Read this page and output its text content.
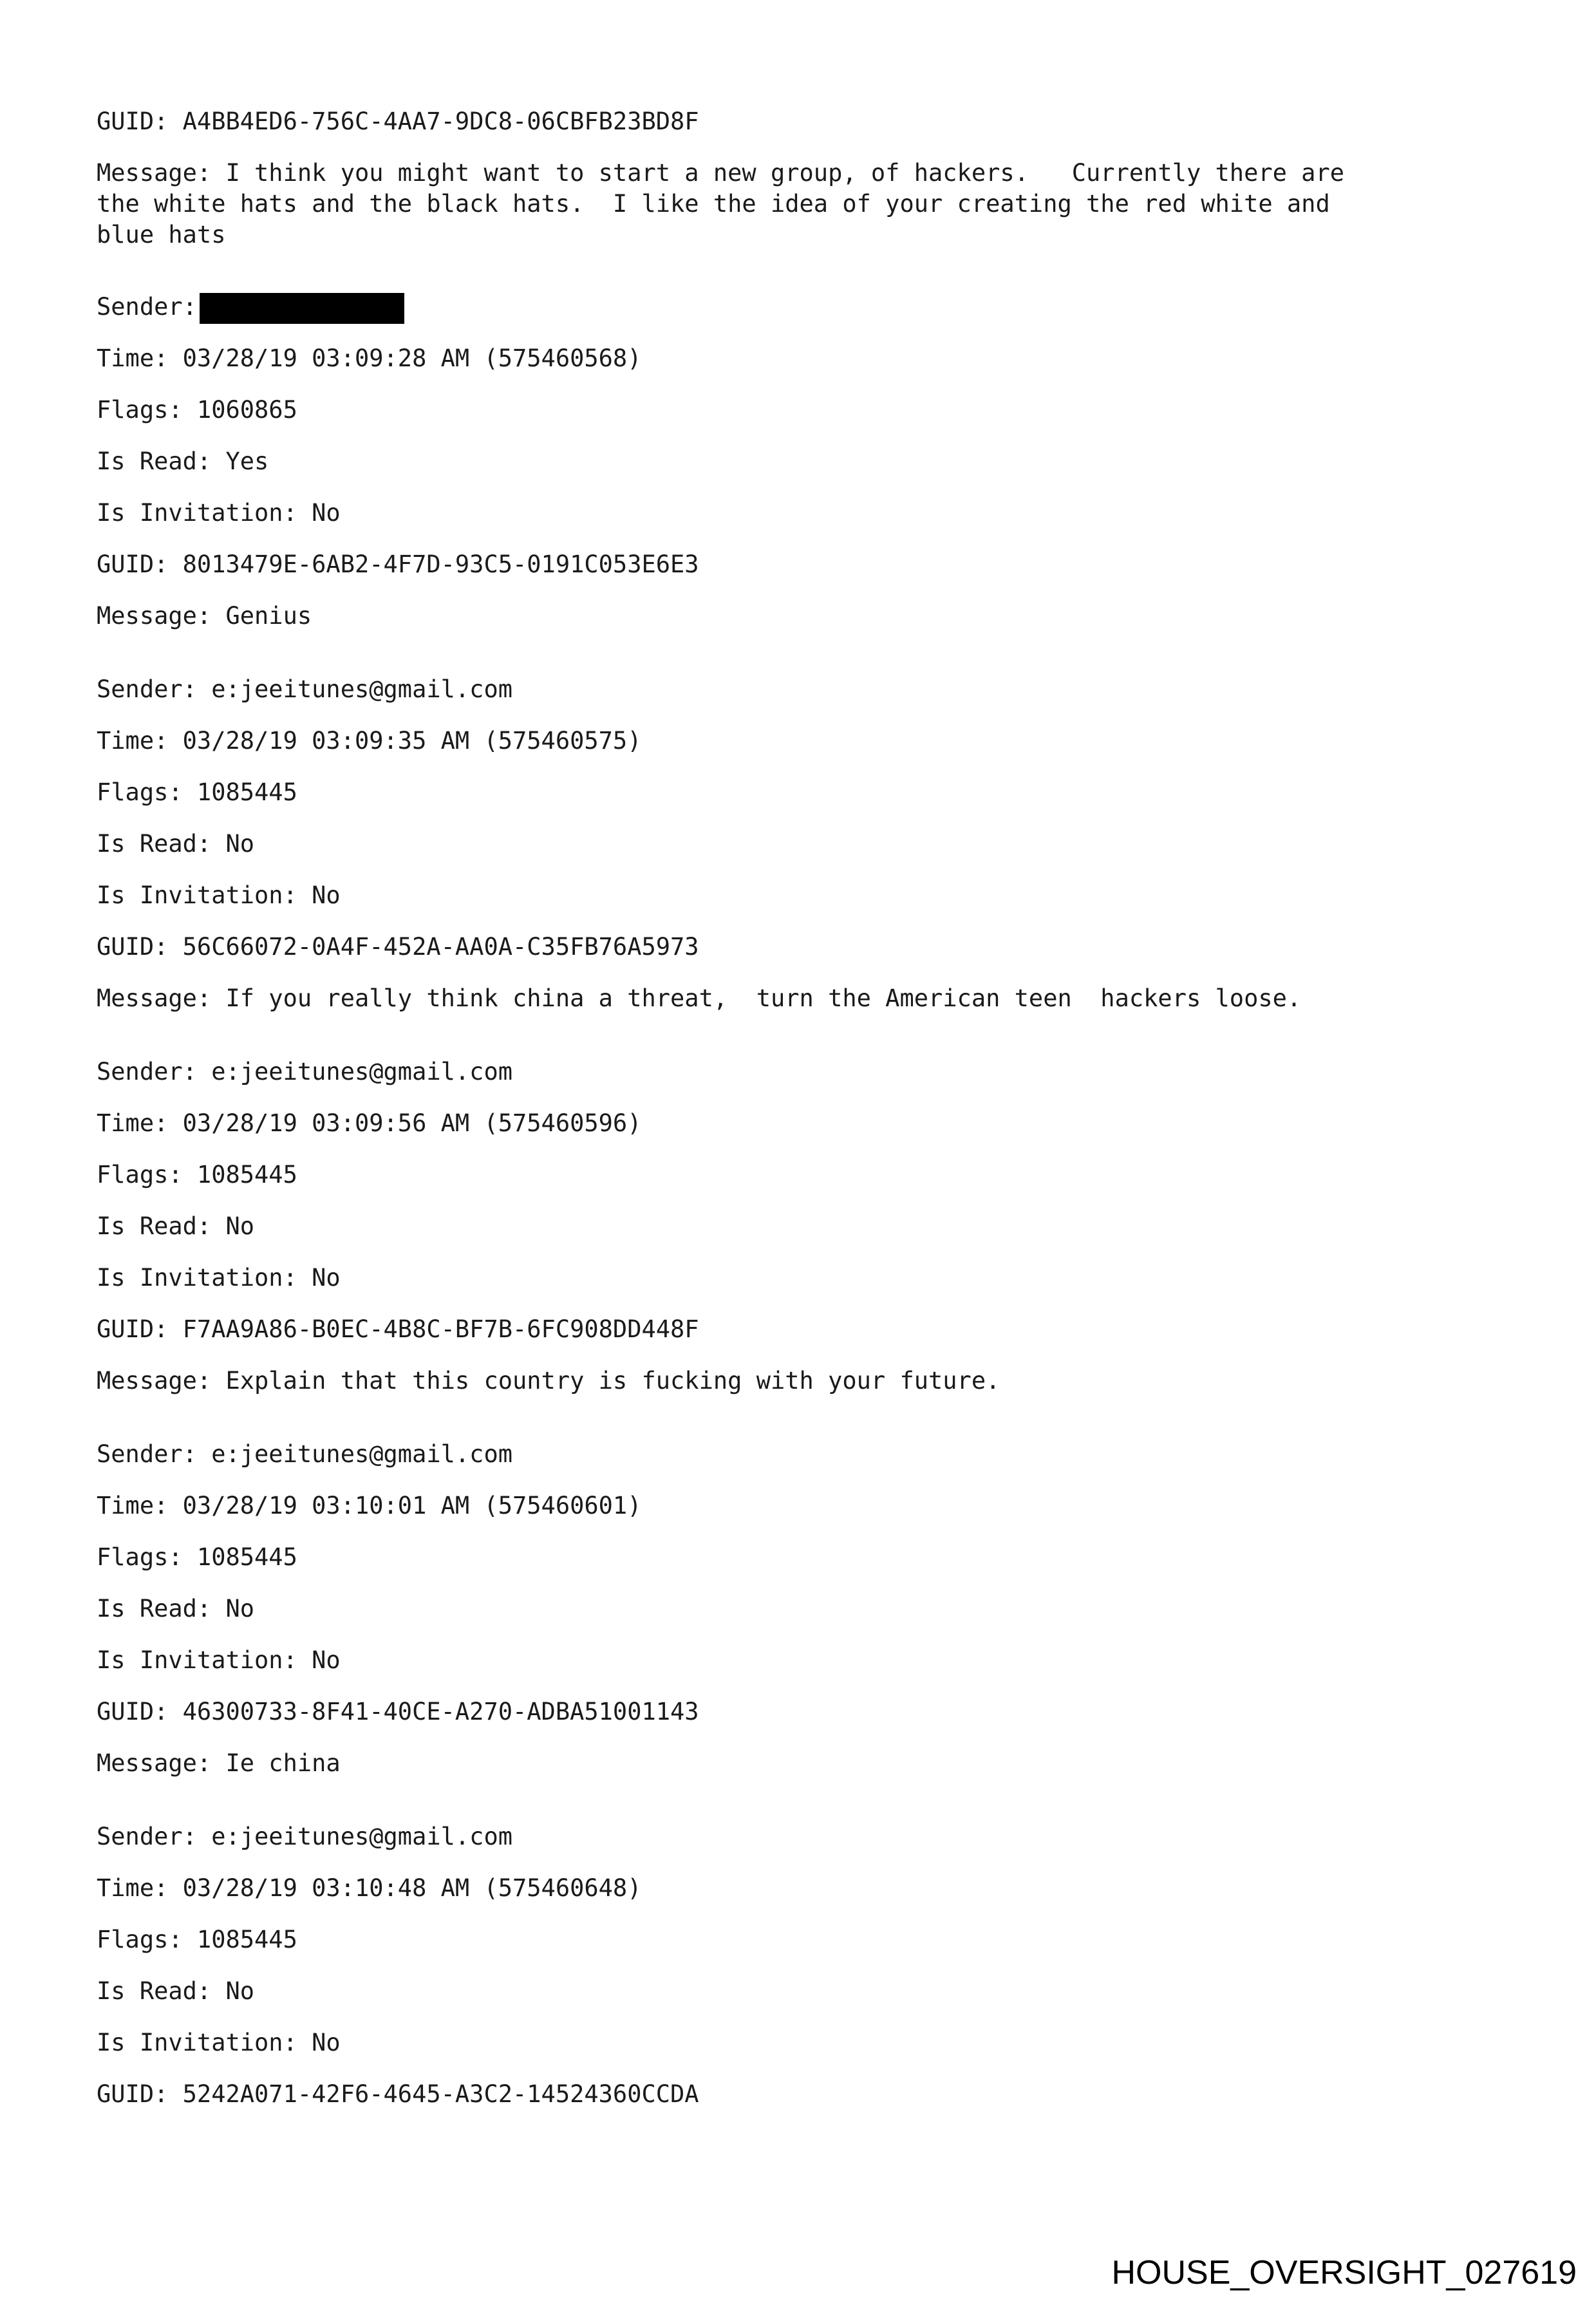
GUID: A4BB4ED6-756C-4AA7-9DC8-06CBFB23BD8F

Message: I think you might want to start a new group, of hackers.   Currently there are

the white hats and the black hats.  I like the idea of your creating the red white and

blue hats

Sender:

Time: 03/28/19 03:09:28 AM (575460568)

Flags: 1060865

Is Read: Yes

Is Invitation: No

GUID: 8013479E-6AB2-4F7D-93C5-0191C053E6E3

Message: Genius

Sender: e:jeeitunes@gmail.com

Time: 03/28/19 03:09:35 AM (575460575)

Flags: 1085445

Is Read: No

Is Invitation: No

GUID: 56C66072-0A4F-452A-AA0A-C35FB76A5973

Message: If you really think china a threat,  turn the American teen  hackers loose.

Sender: e:jeeitunes@gmail.com

Time: 03/28/19 03:09:56 AM (575460596)

Flags: 1085445

Is Read: No

Is Invitation: No

GUID: F7AA9A86-B0EC-4B8C-BF7B-6FC908DD448F

Message: Explain that this country is fucking with your future.

Sender: e:jeeitunes@gmail.com

Time: 03/28/19 03:10:01 AM (575460601)

Flags: 1085445

Is Read: No

Is Invitation: No

GUID: 46300733-8F41-40CE-A270-ADBA51001143

Message: Ie china

Sender: e:jeeitunes@gmail.com

Time: 03/28/19 03:10:48 AM (575460648)

Flags: 1085445

Is Read: No

Is Invitation: No

GUID: 5242A071-42F6-4645-A3C2-14524360CCDA

HOUSE_OVERSIGHT_027619
